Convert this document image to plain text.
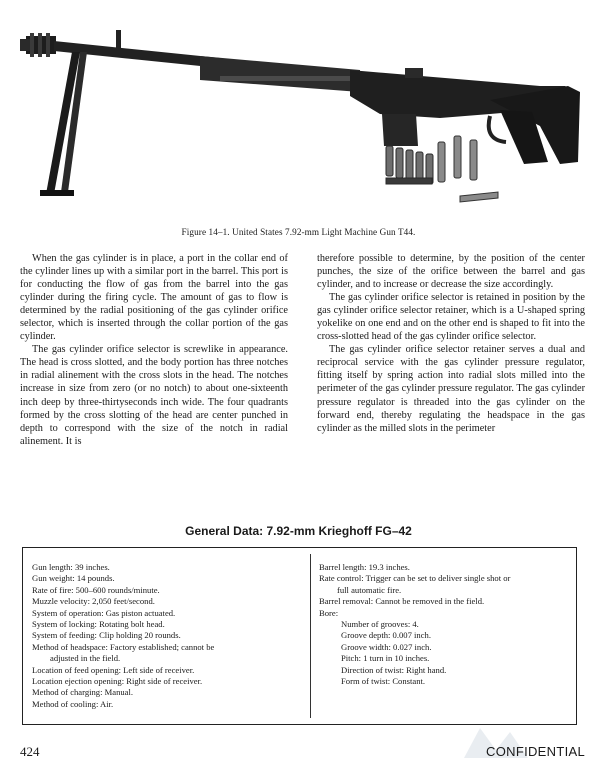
Figure 14–1. United States 7.92-mm Light Machine Gun T44.

When the gas cylinder is in place, a port in the collar end of the cylinder lines up with a similar port in the barrel. This port is for conducting the flow of gas from the barrel into the gas cylinder during the firing cycle. The amount of gas to flow is determined by the radial positioning of the gas cylinder orifice selector, which is inserted through the collar portion of the gas cylinder.

The gas cylinder orifice selector is screwlike in appearance. The head is cross slotted, and the body portion has three notches in radial alinement with the cross slots in the head. The notches increase in size from zero (or no notch) to about one-sixteenth inch deep by three-thirtyseconds inch wide. The four quadrants formed by the cross slotting of the head are center punched in depth to correspond with the size of the notch in radial alinement. It is

therefore possible to determine, by the position of the center punches, the size of the orifice between the barrel and gas cylinder, and to increase or decrease the size accordingly.

The gas cylinder orifice selector is retained in position by the gas cylinder orifice selector retainer, which is a U-shaped spring yokelike on one end and on the other end is shaped to fit into the cross-slotted head of the gas cylinder orifice selector.

The gas cylinder orifice selector retainer serves a dual and reciprocal service with the gas cylinder pressure regulator, fitting itself by spring action into radial slots milled into the perimeter of the gas cylinder pressure regulator. The gas cylinder pressure regulator is threaded into the gas cylinder on the forward end, thereby regulating the headspace in the gas cylinder as the milled slots in the perimeter

General Data: 7.92-mm Krieghoff FG–42
Gun length: 39 inches.
Gun weight: 14 pounds.
Rate of fire: 500–600 rounds/minute.
Muzzle velocity: 2,050 feet/second.
System of operation: Gas piston actuated.
System of locking: Rotating bolt head.
System of feeding: Clip holding 20 rounds.
Method of headspace: Factory established; cannot be
adjusted in the field.
Location of feed opening: Left side of receiver.
Location ejection opening: Right side of receiver.
Method of charging: Manual.
Method of cooling: Air.
Barrel length: 19.3 inches.
Rate control: Trigger can be set to deliver single shot or
full automatic fire.
Barrel removal: Cannot be removed in the field.
Bore:
Number of grooves: 4.
Groove depth: 0.007 inch.
Groove width: 0.027 inch.
Pitch: 1 turn in 10 inches.
Direction of twist: Right hand.
Form of twist: Constant.
424	CONFIDENTIAL
